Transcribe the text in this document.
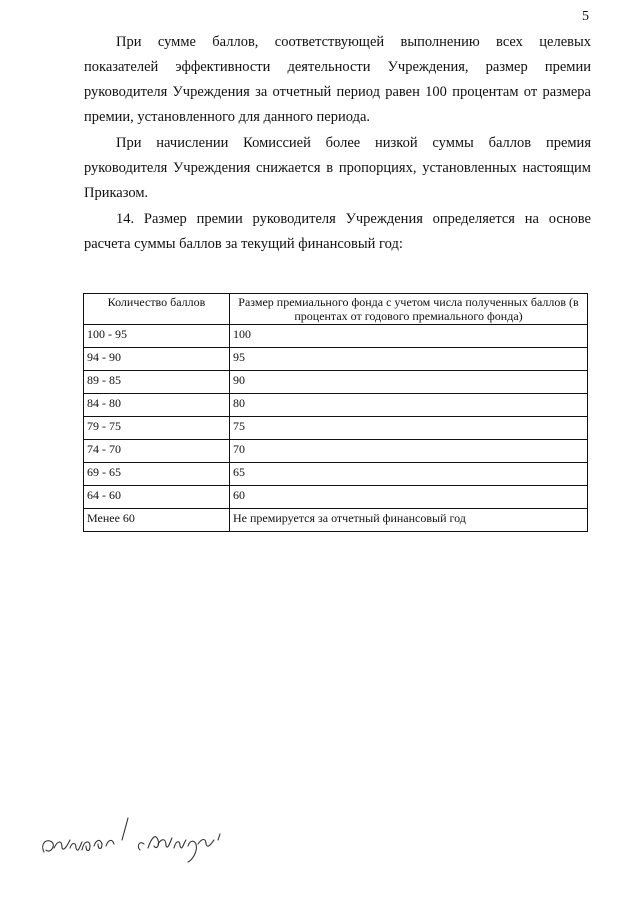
5

При сумме баллов, соответствующей выполнению всех целевых показателей эффективности деятельности Учреждения, размер премии руководителя Учреждения за отчетный период равен 100 процентам от размера премии, установленного для данного периода.

При начислении Комиссией более низкой суммы баллов премия руководителя Учреждения снижается в пропорциях, установленных настоящим Приказом.

14. Размер премии руководителя Учреждения определяется на основе расчета суммы баллов за текущий финансовый год:

Количество баллов	Размер премиального фонда с учетом числа полученных баллов (в процентах от годового премиального фонда)
100 - 95	100
94 - 90	95
89 - 85	90
84 - 80	80
79 - 75	75
74 - 70	70
69 - 65	65
64 - 60	60
Менее 60	Не премируется за отчетный финансовый год
